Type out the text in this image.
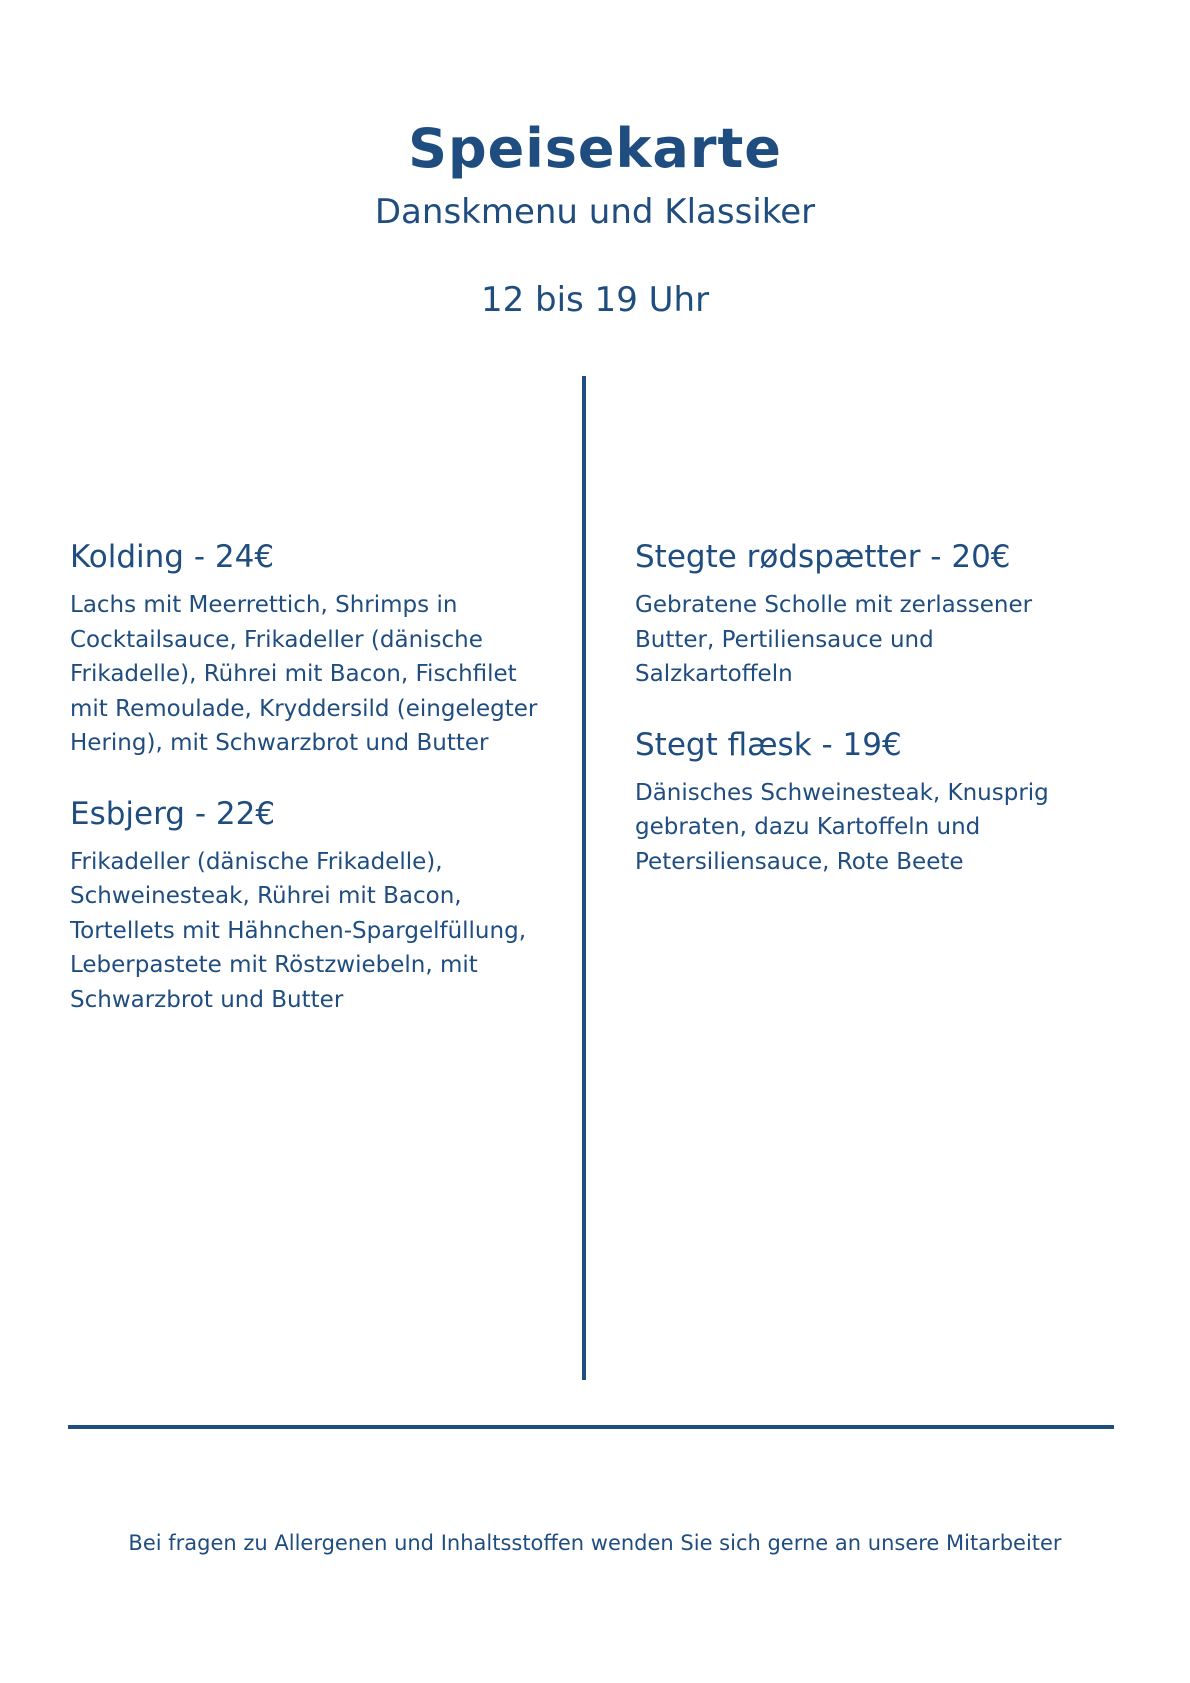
Speisekarte
Danskmenu und Klassiker
12 bis 19 Uhr
Kolding - 24€

Lachs mit Meerrettich, Shrimps in
Cocktailsauce, Frikadeller (dänische
Frikadelle), Rührei mit Bacon, Fischfilet
mit Remoulade, Kryddersild (eingelegter
Hering), mit Schwarzbrot und Butter

Esbjerg - 22€

Frikadeller (dänische Frikadelle),
Schweinesteak, Rührei mit Bacon,
Tortellets mit Hähnchen-Spargelfüllung,
Leberpastete mit Röstzwiebeln, mit
Schwarzbrot und Butter

Stegte rødspætter - 20€

Gebratene Scholle mit zerlassener
Butter, Pertiliensauce und
Salzkartoffeln

Stegt flæsk - 19€

Dänisches Schweinesteak, Knusprig
gebraten, dazu Kartoffeln und
Petersiliensauce, Rote Beete

Bei fragen zu Allergenen und Inhaltsstoffen wenden Sie sich gerne an unsere Mitarbeiter
